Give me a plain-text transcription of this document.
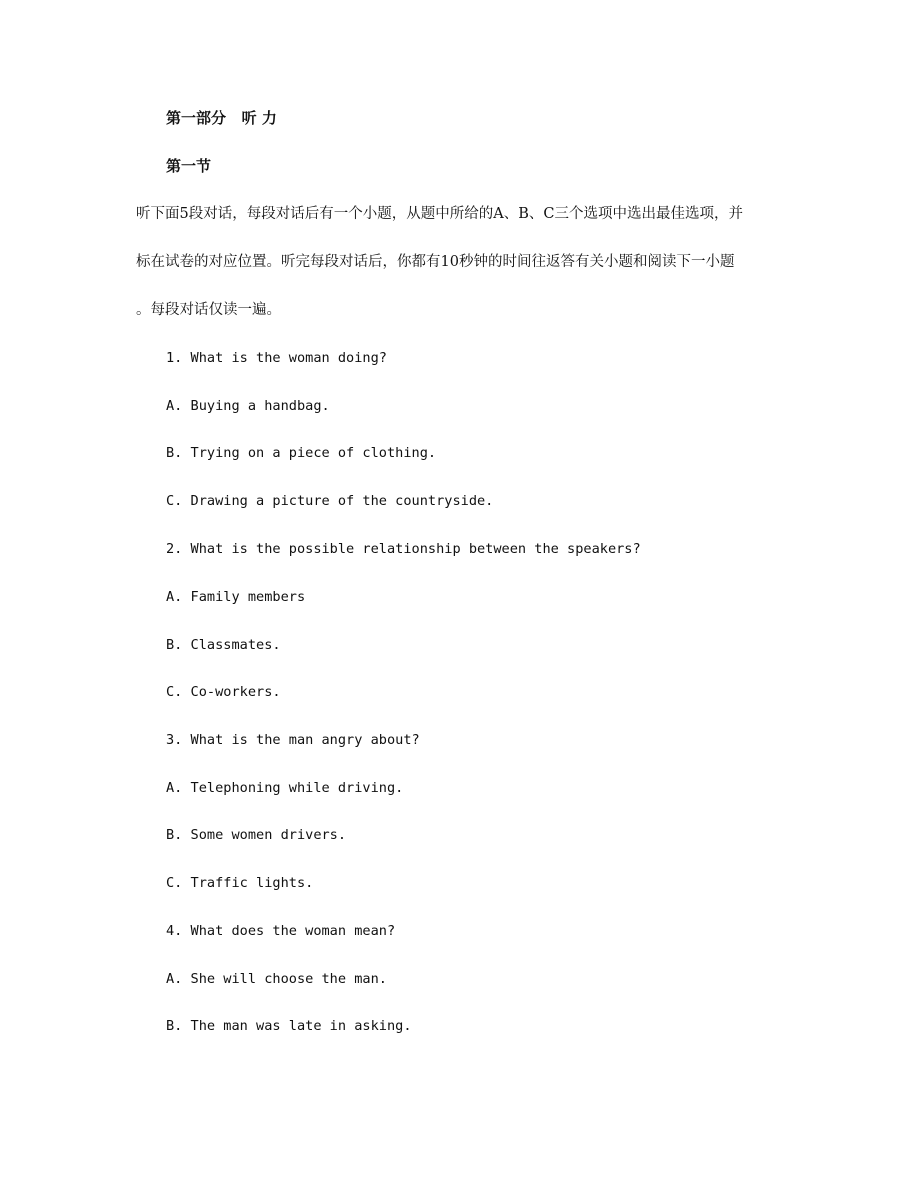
第一部分   听 力
第一节
听下面5段对话，每段对话后有一个小题，从题中所给的A、B、C三个选项中选出最佳选项，并
标在试卷的对应位置。听完每段对话后，你都有10秒钟的时间往返答有关小题和阅读下一小题
。每段对话仅读一遍。
1. What is the woman doing?
A. Buying a handbag.
B. Trying on a piece of clothing.
C. Drawing a picture of the countryside.
2. What is the possible relationship between the speakers?
A. Family members
B. Classmates.
C. Co-workers.
3. What is the man angry about?
A. Telephoning while driving.
B. Some women drivers.
C. Traffic lights.
4. What does the woman mean?
A. She will choose the man.
B. The man was late in asking.
